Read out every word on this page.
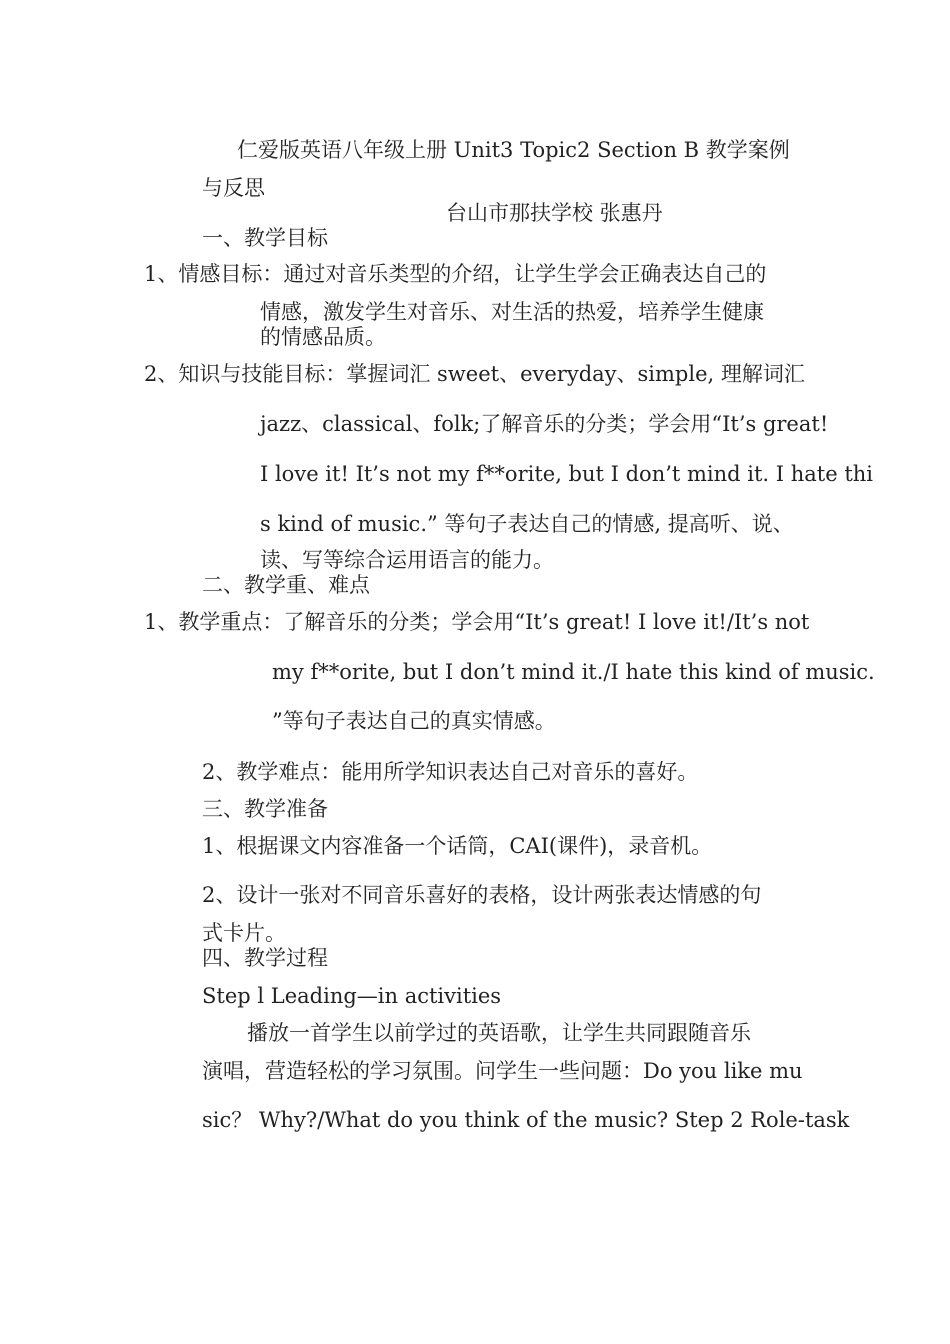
仁爱版英语八年级上册 Unit3 Topic2 Section B 教学案例

与反思

台山市那扶学校 张惠丹

一、教学目标

1、情感目标：通过对音乐类型的介绍，让学生学会正确表达自己的

情感，激发学生对音乐、对生活的热爱，培养学生健康

的情感品质。

2、知识与技能目标：掌握词汇 sweet、everyday、simple, 理解词汇

jazz、classical、folk;了解音乐的分类；学会用“It’s great!

I love it! It’s not my f**orite, but I don’t mind it. I hate thi

s kind of music.” 等句子表达自己的情感, 提高听、说、

读、写等综合运用语言的能力。

二、教学重、难点

1、教学重点：了解音乐的分类；学会用“It’s great! I love it!/It’s not

my f**orite, but I don’t mind it./I hate this kind of music.

”等句子表达自己的真实情感。

2、教学难点：能用所学知识表达自己对音乐的喜好。

三、教学准备

1、根据课文内容准备一个话筒，CAI(课件)，录音机。

2、设计一张对不同音乐喜好的表格，设计两张表达情感的句

式卡片。

四、教学过程

Step l Leading—in activities

播放一首学生以前学过的英语歌，让学生共同跟随音乐

演唱，营造轻松的学习氛围。问学生一些问题：Do you like mu

sic？ Why?/What do you think of the music? Step 2 Role-task
